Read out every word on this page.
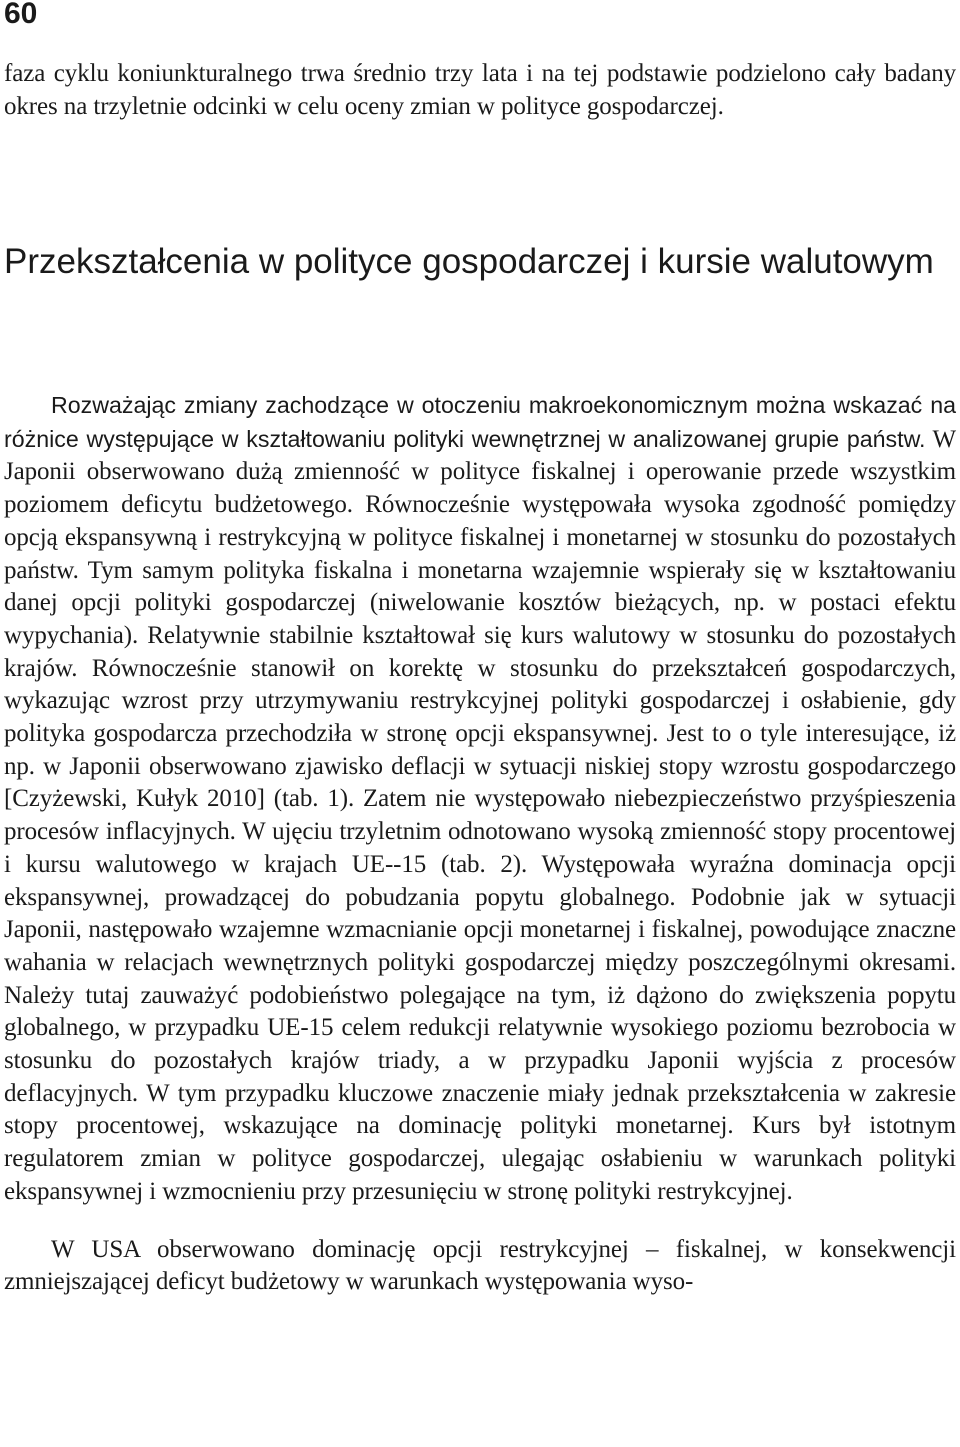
60

faza cyklu koniunkturalnego trwa średnio trzy lata i na tej podstawie podzielono cały badany okres na trzyletnie odcinki w celu oceny zmian w polityce gospodarczej.

Przekształcenia w polityce gospodarczej i kursie walutowym

Rozważając zmiany zachodzące w otoczeniu makroekonomicznym można wskazać na różnice występujące w kształtowaniu polityki wewnętrznej w analizowanej grupie państw. W Japonii obserwowano dużą zmienność w polityce fiskalnej i operowanie przede wszystkim poziomem deficytu budżetowego. Równocześnie występowała wysoka zgodność pomiędzy opcją ekspansywną i restrykcyjną w polityce fiskalnej i monetarnej w stosunku do pozostałych państw. Tym samym polityka fiskalna i monetarna wzajemnie wspierały się w kształtowaniu danej opcji polityki gospodarczej (niwelowanie kosztów bieżących, np. w postaci efektu wypychania). Relatywnie stabilnie kształtował się kurs walutowy w stosunku do pozostałych krajów. Równocześnie stanowił on korektę w stosunku do przekształceń gospodarczych, wykazując wzrost przy utrzymywaniu restrykcyjnej polityki gospodarczej i osłabienie, gdy polityka gospodarcza przechodziła w stronę opcji ekspansywnej. Jest to o tyle interesujące, iż np. w Japonii obserwowano zjawisko deflacji w sytuacji niskiej stopy wzrostu gospodarczego [Czyżewski, Kułyk 2010] (tab. 1). Zatem nie występowało niebezpieczeństwo przyśpieszenia procesów inflacyjnych. W ujęciu trzyletnim odnotowano wysoką zmienność stopy procentowej i kursu walutowego w krajach UE--15 (tab. 2). Występowała wyraźna dominacja opcji ekspansywnej, prowadzącej do pobudzania popytu globalnego. Podobnie jak w sytuacji Japonii, następowało wzajemne wzmacnianie opcji monetarnej i fiskalnej, powodujące znaczne wahania w relacjach wewnętrznych polityki gospodarczej między poszczególnymi okresami. Należy tutaj zauważyć podobieństwo polegające na tym, iż dążono do zwiększenia popytu globalnego, w przypadku UE-15 celem redukcji relatywnie wysokiego poziomu bezrobocia w stosunku do pozostałych krajów triady, a w przypadku Japonii wyjścia z procesów deflacyjnych. W tym przypadku kluczowe znaczenie miały jednak przekształcenia w zakresie stopy procentowej, wskazujące na dominację polityki monetarnej. Kurs był istotnym regulatorem zmian w polityce gospodarczej, ulegając osłabieniu w warunkach polityki ekspansywnej i wzmocnieniu przy przesunięciu w stronę polityki restrykcyjnej.

W USA obserwowano dominację opcji restrykcyjnej – fiskalnej, w konsekwencji zmniejszającej deficyt budżetowy w warunkach występowania wyso-
